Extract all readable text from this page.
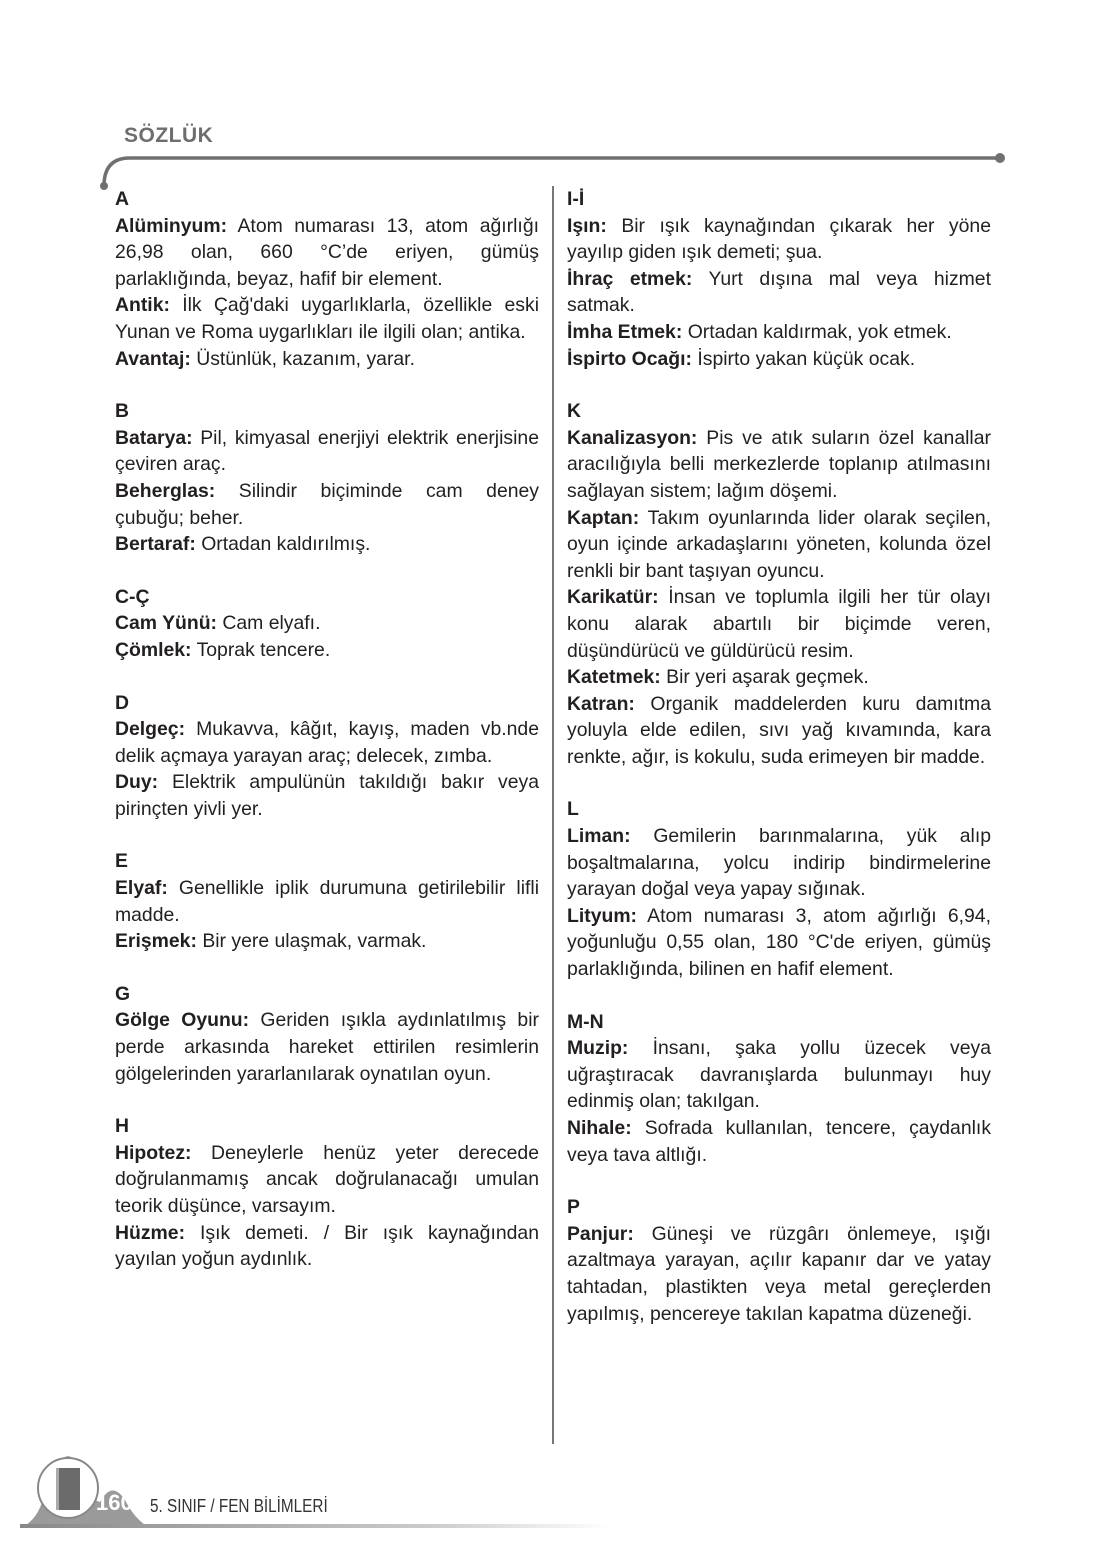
SÖZLÜK
A
Alüminyum: Atom numarası 13, atom ağırlığı 26,98 olan, 660 °C’de eriyen, gümüş parlaklığında, beyaz, hafif bir element.
Antik: İlk Çağ'daki uygarlıklarla, özellikle eski Yunan ve Roma uygarlıkları ile ilgili olan; antika.
Avantaj: Üstünlük, kazanım, yarar.
B
Batarya: Pil, kimyasal enerjiyi elektrik enerjisine çeviren araç.
Beherglas: Silindir biçiminde cam deney çubuğu; beher.
Bertaraf: Ortadan kaldırılmış.
C-Ç
Cam Yünü: Cam elyafı.
Çömlek: Toprak tencere.
D
Delgeç: Mukavva, kâğıt, kayış, maden vb.nde delik açmaya yarayan araç; delecek, zımba.
Duy: Elektrik ampulünün takıldığı bakır veya pirinçten yivli yer.
E
Elyaf: Genellikle iplik durumuna getirilebilir lifli madde.
Erişmek: Bir yere ulaşmak, varmak.
G
Gölge Oyunu: Geriden ışıkla aydınlatılmış bir perde arkasında hareket ettirilen resimlerin gölgelerinden yararlanılarak oynatılan oyun.
H
Hipotez: Deneylerle henüz yeter derecede doğrulanmamış ancak doğrulanacağı umulan teorik düşünce, varsayım.
Hüzme: Işık demeti. / Bir ışık kaynağından yayılan yoğun aydınlık.
I-İ
Işın: Bir ışık kaynağından çıkarak her yöne yayılıp giden ışık demeti; şua.
İhraç etmek: Yurt dışına mal veya hizmet satmak.
İmha Etmek: Ortadan kaldırmak, yok etmek.
İspirto Ocağı: İspirto yakan küçük ocak.
K
Kanalizasyon: Pis ve atık suların özel kanallar aracılığıyla belli merkezlerde toplanıp atılmasını sağlayan sistem; lağım döşemi.
Kaptan: Takım oyunlarında lider olarak seçilen, oyun içinde arkadaşlarını yöneten, kolunda özel renkli bir bant taşıyan oyuncu.
Karikatür: İnsan ve toplumla ilgili her tür olayı konu alarak abartılı bir biçimde veren, düşündürücü ve güldürücü resim.
Katetmek: Bir yeri aşarak geçmek.
Katran: Organik maddelerden kuru damıtma yoluyla elde edilen, sıvı yağ kıvamında, kara renkte, ağır, is kokulu, suda erimeyen bir madde.
L
Liman: Gemilerin barınmalarına, yük alıp boşaltmalarına, yolcu indirip bindirmelerine yarayan doğal veya yapay sığınak.
Lityum: Atom numarası 3, atom ağırlığı 6,94, yoğunluğu 0,55 olan, 180 °C'de eriyen, gümüş parlaklığında, bilinen en hafif element.
M-N
Muzip: İnsanı, şaka yollu üzecek veya uğraştıracak davranışlarda bulunmayı huy edinmiş olan; takılgan.
Nihale: Sofrada kullanılan, tencere, çaydanlık veya tava altlığı.
P
Panjur: Güneşi ve rüzgârı önlemeye, ışığı azaltmaya yarayan, açılır kapanır dar ve yatay tahtadan, plastikten veya metal gereçlerden yapılmış, pencereye takılan kapatma düzeneği.
160 5. SINIF / FEN BİLİMLERİ
